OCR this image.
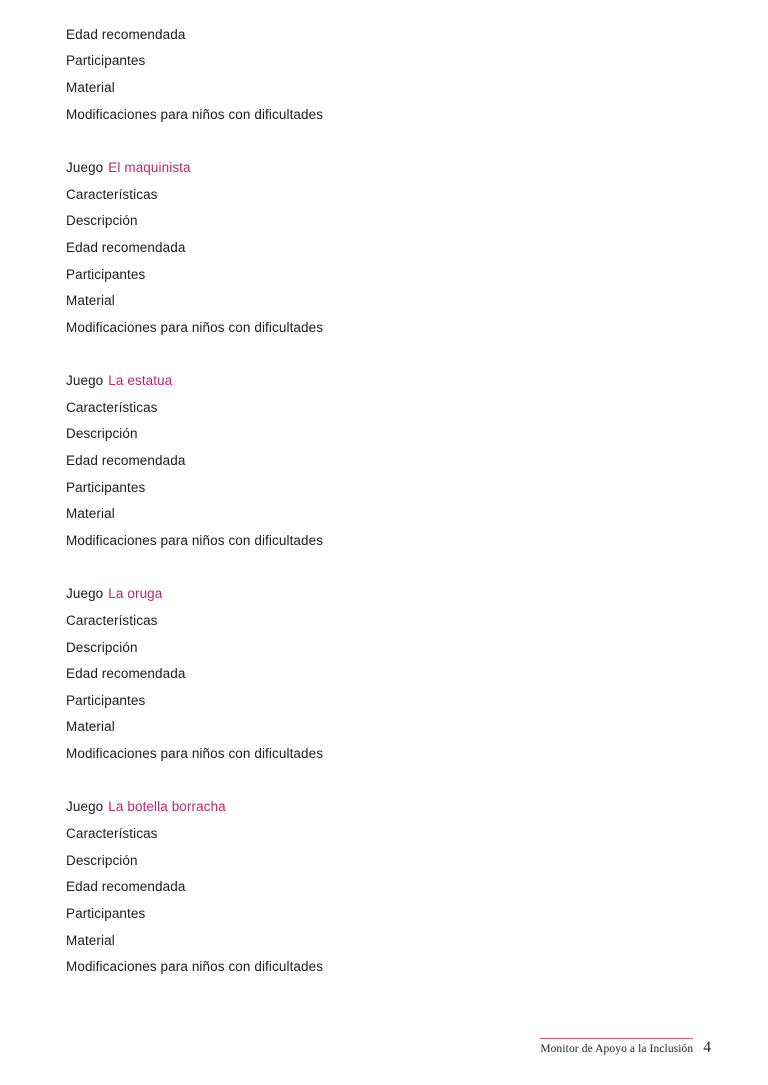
Edad recomendada
Participantes
Material
Modificaciones para niños con dificultades
Juego El maquinista
Características
Descripción
Edad recomendada
Participantes
Material
Modificaciones para niños con dificultades
Juego La estatua
Características
Descripción
Edad recomendada
Participantes
Material
Modificaciones para niños con dificultades
Juego La oruga
Características
Descripción
Edad recomendada
Participantes
Material
Modificaciones para niños con dificultades
Juego La botella borracha
Características
Descripción
Edad recomendada
Participantes
Material
Modificaciones para niños con dificultades
Monitor de Apoyo a la Inclusión 4
